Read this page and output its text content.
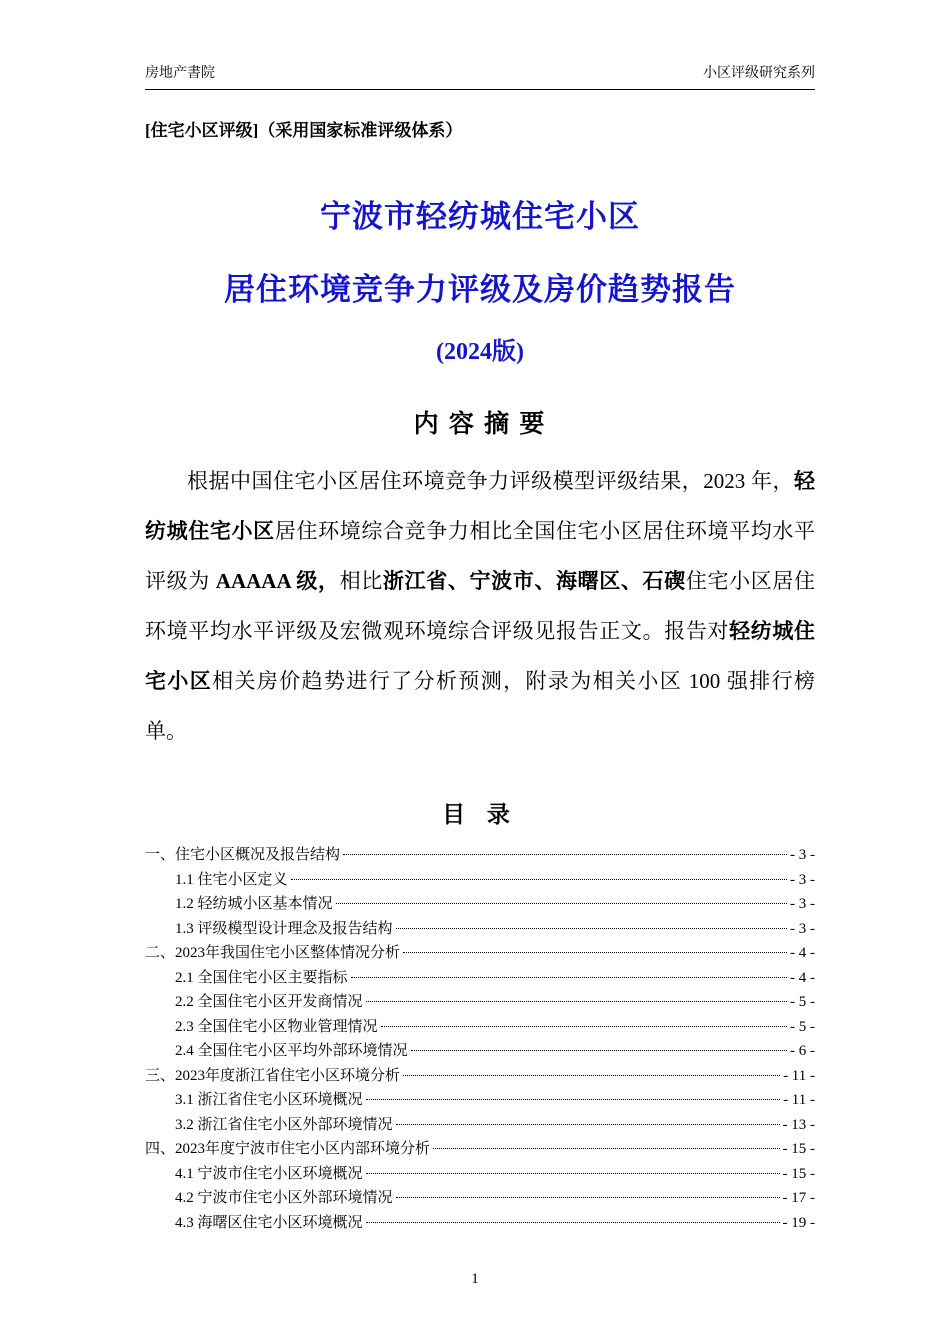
房地产書院	小区评级研究系列
[住宅小区评级]（采用国家标准评级体系）
宁波市轻纺城住宅小区
居住环境竞争力评级及房价趋势报告
(2024版)
内 容 摘 要

根据中国住宅小区居住环境竞争力评级模型评级结果，2023 年，轻纺城住宅小区居住环境综合竞争力相比全国住宅小区居住环境平均水平评级为 AAAAA 级，相比浙江省、宁波市、海曙区、石碶住宅小区居住环境平均水平评级及宏微观环境综合评级见报告正文。报告对轻纺城住宅小区相关房价趋势进行了分析预测，附录为相关小区 100 强排行榜单。

目 录
一、住宅小区概况及报告结构	- 3 -
1.1 住宅小区定义	- 3 -
1.2 轻纺城小区基本情况	- 3 -
1.3 评级模型设计理念及报告结构	- 3 -
二、2023年我国住宅小区整体情况分析	- 4 -
2.1 全国住宅小区主要指标	- 4 -
2.2 全国住宅小区开发商情况	- 5 -
2.3 全国住宅小区物业管理情况	- 5 -
2.4 全国住宅小区平均外部环境情况	- 6 -
三、2023年度浙江省住宅小区环境分析	- 11 -
3.1 浙江省住宅小区环境概况	- 11 -
3.2 浙江省住宅小区外部环境情况	- 13 -
四、2023年度宁波市住宅小区内部环境分析	- 15 -
4.1 宁波市住宅小区环境概况	- 15 -
4.2 宁波市住宅小区外部环境情况	- 17 -
4.3 海曙区住宅小区环境概况	- 19 -
1
